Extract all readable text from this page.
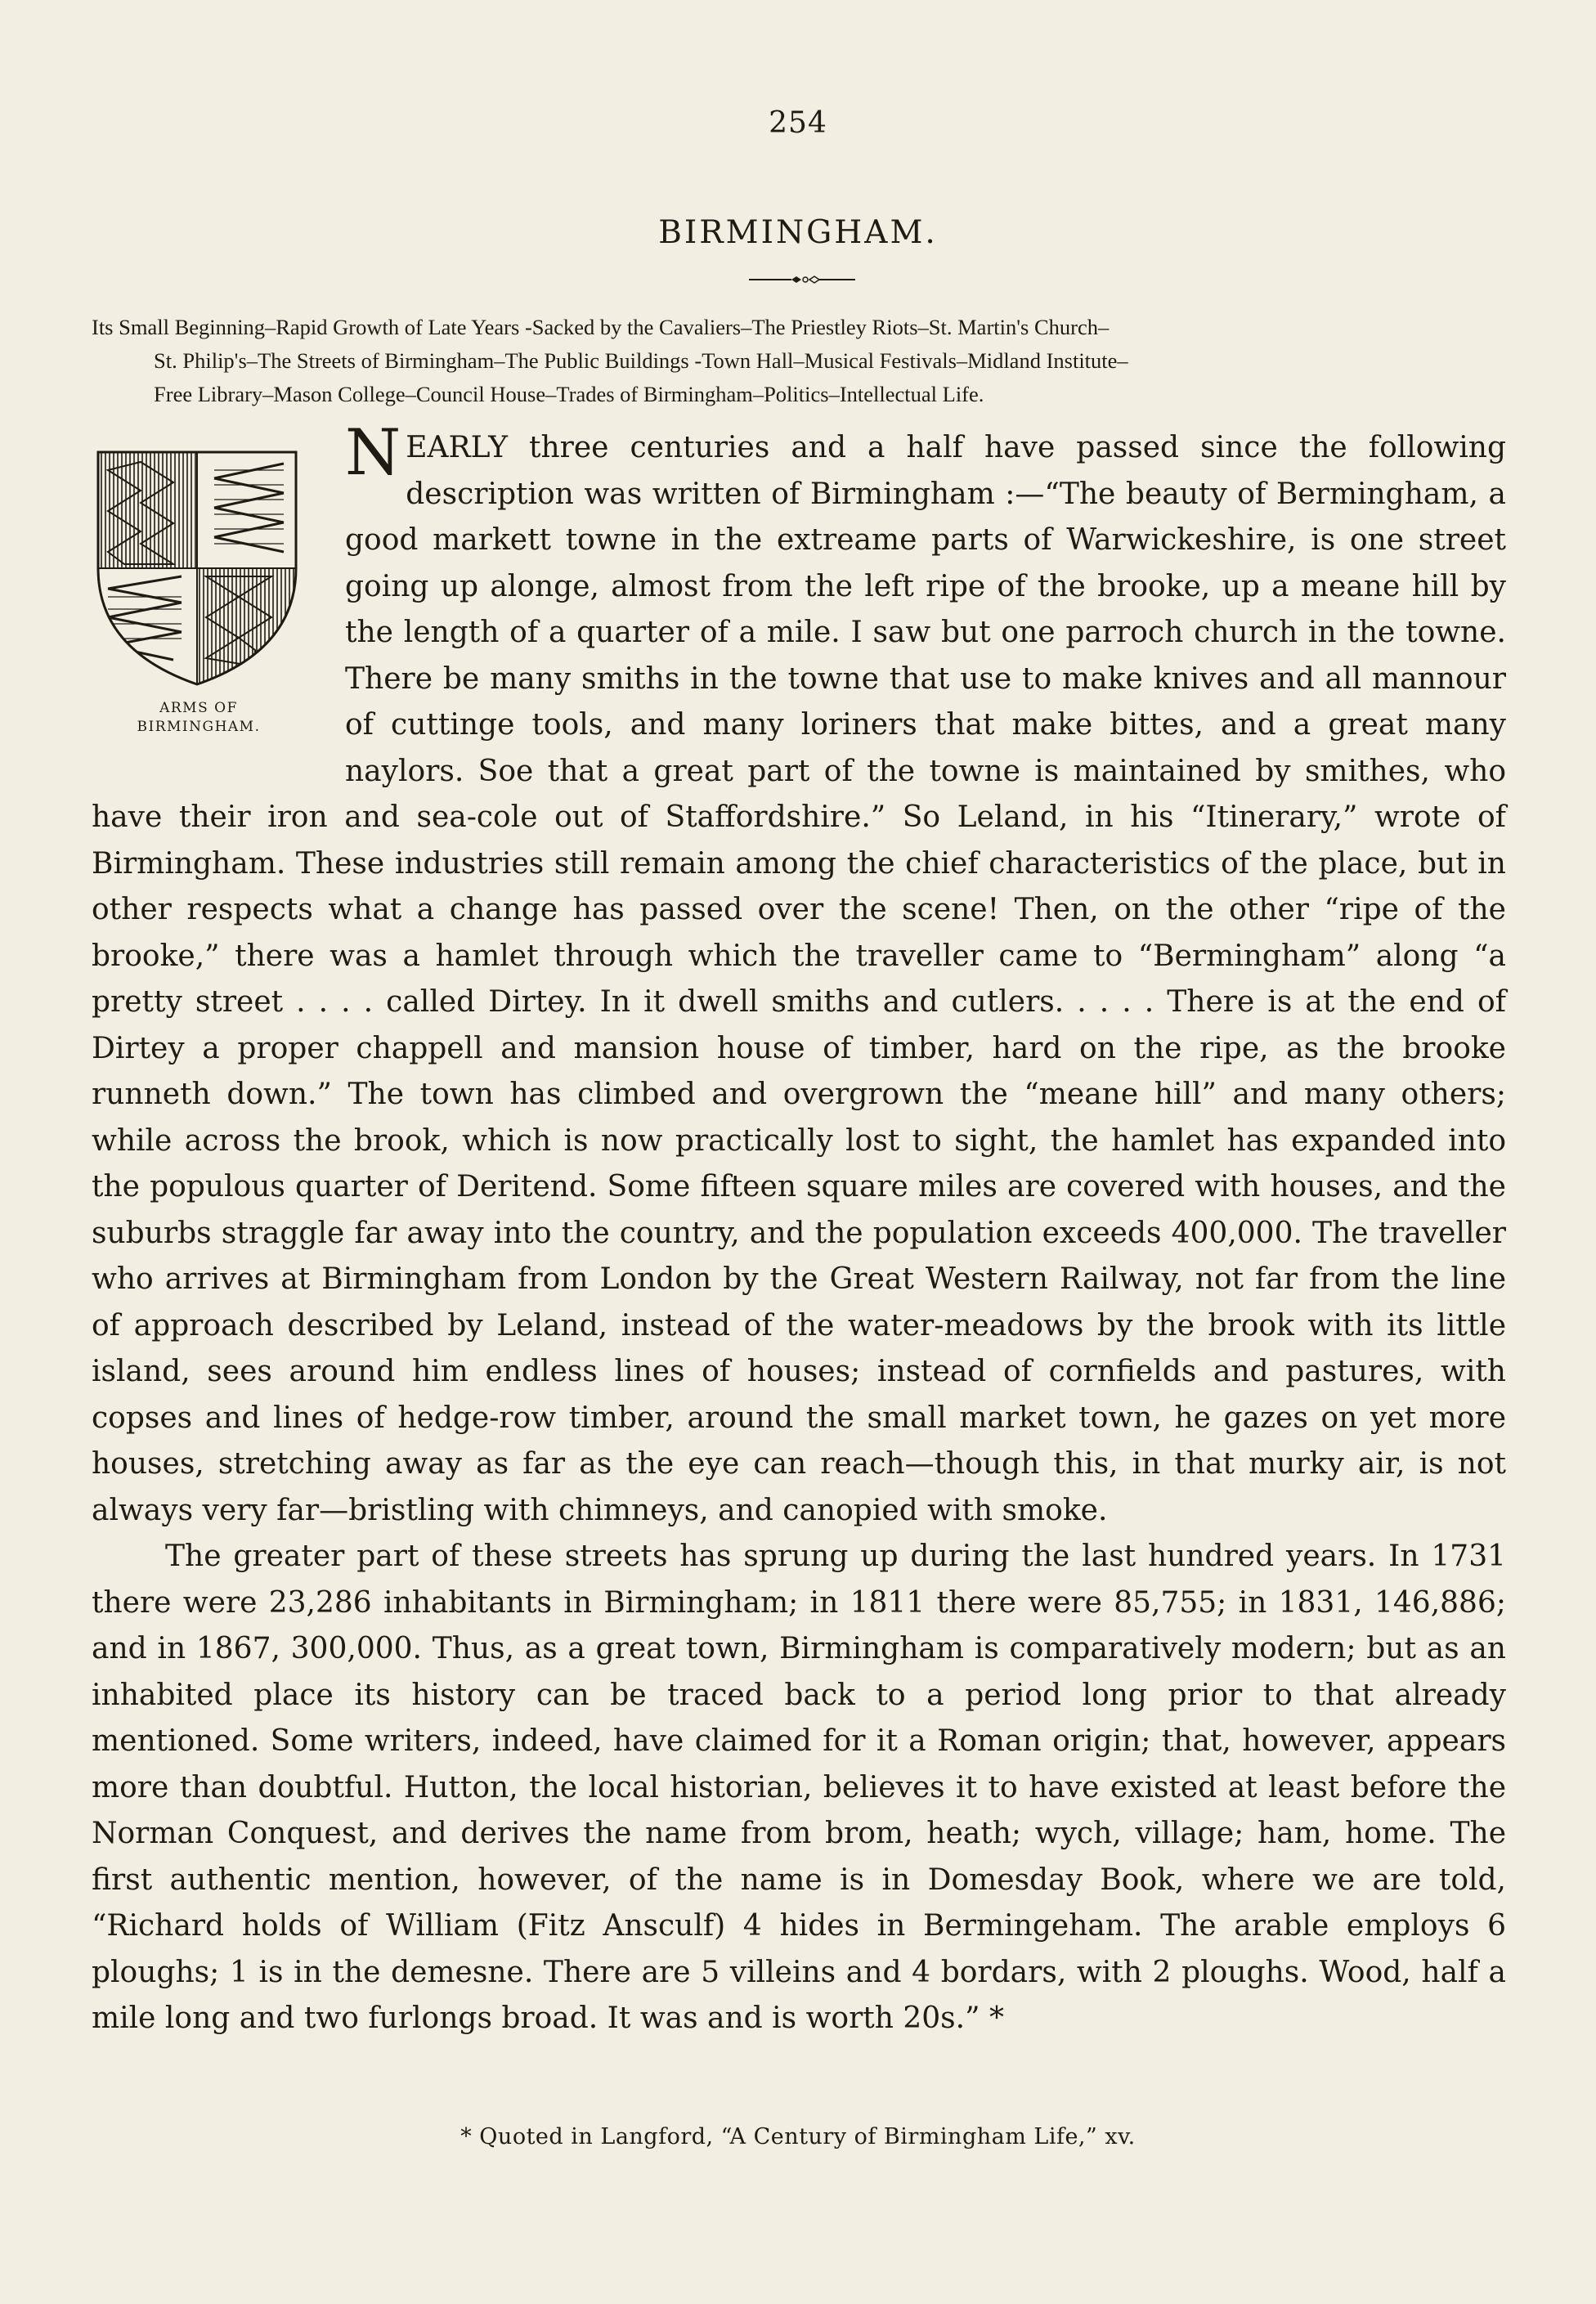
254
BIRMINGHAM.
Its Small Beginning–Rapid Growth of Late Years -Sacked by the Cavaliers–The Priestley Riots–St. Martin's Church–
St. Philip's–The Streets of Birmingham–The Public Buildings -Town Hall–Musical Festivals–Midland Institute–
Free Library–Mason College–Council House–Trades of Birmingham–Politics–Intellectual Life.
ARMS OF
BIRMINGHAM.

NEARLY three centuries and a half have passed since the following description was written of Birmingham :—“The beauty of Bermingham, a good markett towne in the extreame parts of Warwickeshire, is one street going up alonge, almost from the left ripe of the brooke, up a meane hill by the length of a quarter of a mile. I saw but one parroch church in the towne. There be many smiths in the towne that use to make knives and all mannour of cuttinge tools, and many loriners that make bittes, and a great many naylors. Soe that a great part of the towne is maintained by smithes, who have their iron and sea-cole out of Staffordshire.” So Leland, in his “Itinerary,” wrote of Birmingham. These industries still remain among the chief characteristics of the place, but in other respects what a change has passed over the scene! Then, on the other “ripe of the brooke,” there was a hamlet through which the traveller came to “Bermingham” along “a pretty street . . . . called Dirtey. In it dwell smiths and cutlers. . . . . There is at the end of Dirtey a proper chappell and mansion house of timber, hard on the ripe, as the brooke runneth down.” The town has climbed and overgrown the “meane hill” and many others; while across the brook, which is now practically lost to sight, the hamlet has expanded into the populous quarter of Deritend. Some fifteen square miles are covered with houses, and the suburbs straggle far away into the country, and the population exceeds 400,000. The traveller who arrives at Birmingham from London by the Great Western Railway, not far from the line of approach described by Leland, instead of the water-meadows by the brook with its little island, sees around him endless lines of houses; instead of cornfields and pastures, with copses and lines of hedge-row timber, around the small market town, he gazes on yet more houses, stretching away as far as the eye can reach—though this, in that murky air, is not always very far—bristling with chimneys, and canopied with smoke.

The greater part of these streets has sprung up during the last hundred years. In 1731 there were 23,286 inhabitants in Birmingham; in 1811 there were 85,755; in 1831, 146,886; and in 1867, 300,000. Thus, as a great town, Birmingham is comparatively modern; but as an inhabited place its history can be traced back to a period long prior to that already mentioned. Some writers, indeed, have claimed for it a Roman origin; that, however, appears more than doubtful. Hutton, the local historian, believes it to have existed at least before the Norman Conquest, and derives the name from brom, heath; wych, village; ham, home. The first authentic mention, however, of the name is in Domesday Book, where we are told, “Richard holds of William (Fitz Ansculf) 4 hides in Bermingeham. The arable employs 6 ploughs; 1 is in the demesne. There are 5 villeins and 4 bordars, with 2 ploughs. Wood, half a mile long and two furlongs broad. It was and is worth 20s.” *

* Quoted in Langford, “A Century of Birmingham Life,” xv.
